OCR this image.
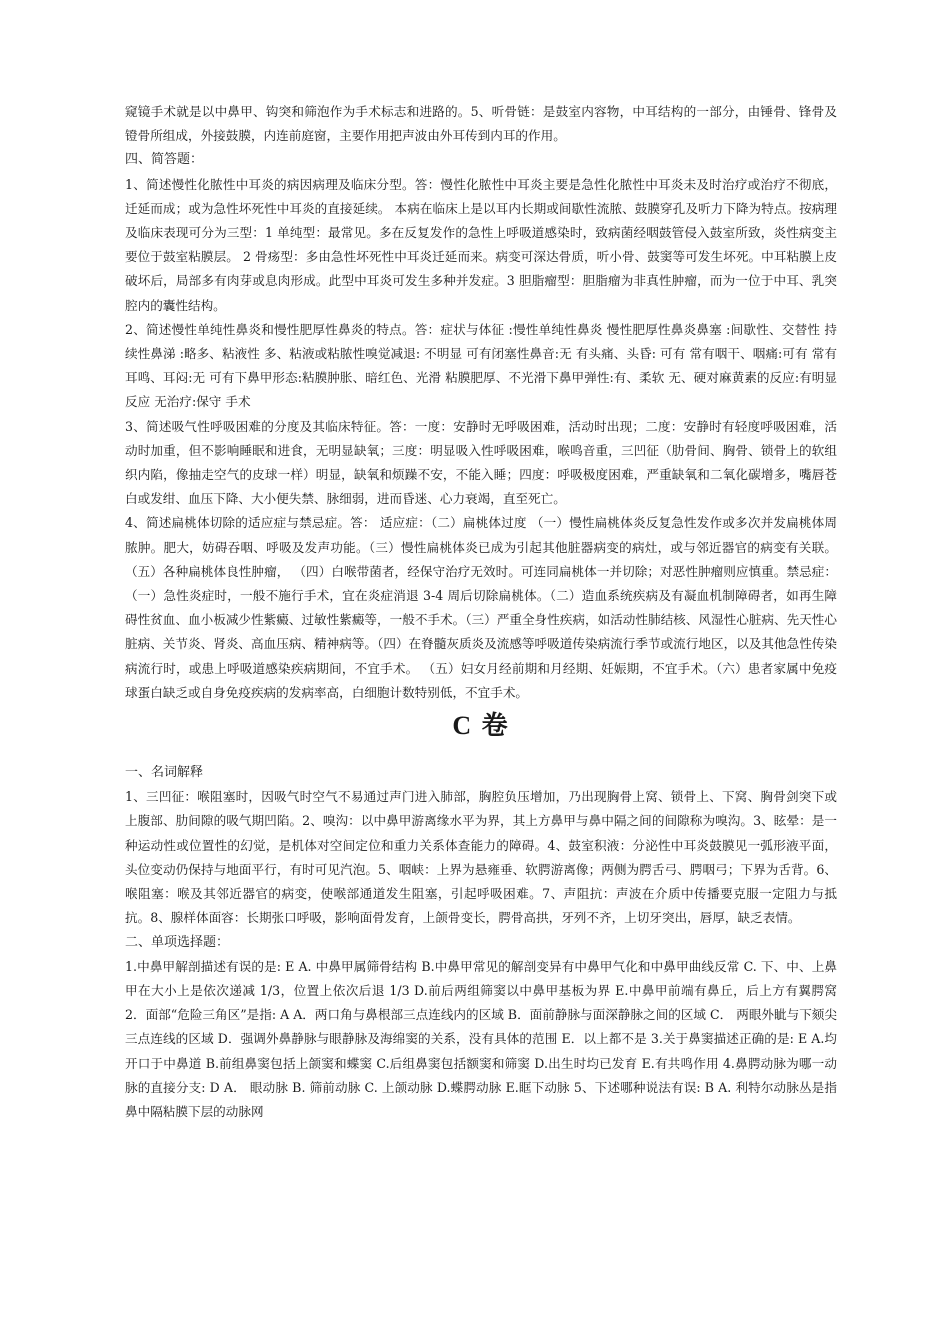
窥镜手术就是以中鼻甲、钩突和筛泡作为手术标志和进路的。5、听骨链：是鼓室内容物，中耳结构的一部分，由锤骨、锋骨及镫骨所组成，外接鼓膜，内连前庭窗，主要作用把声波由外耳传到内耳的作用。

四、简答题：

1、简述慢性化脓性中耳炎的病因病理及临床分型。答：慢性化脓性中耳炎主要是急性化脓性中耳炎未及时治疗或治疗不彻底，迁延而成；或为急性坏死性中耳炎的直接延续。 本病在临床上是以耳内长期或间歇性流脓、鼓膜穿孔及听力下降为特点。按病理及临床表现可分为三型：1 单纯型：最常见。多在反复发作的急性上呼吸道感染时，致病菌经咽鼓管侵入鼓室所致，炎性病变主要位于鼓室粘膜层。 2 骨疡型：多由急性坏死性中耳炎迁延而来。病变可深达骨质，听小骨、鼓窦等可发生坏死。中耳粘膜上皮破坏后，局部多有肉芽或息肉形成。此型中耳炎可发生多种并发症。3 胆脂瘤型：胆脂瘤为非真性肿瘤，而为一位于中耳、乳突腔内的囊性结构。

2、简述慢性单纯性鼻炎和慢性肥厚性鼻炎的特点。答：症状与体征 :慢性单纯性鼻炎 慢性肥厚性鼻炎鼻塞 :间歇性、交替性 持续性鼻涕 :略多、粘液性 多、粘液或粘脓性嗅觉减退: 不明显 可有闭塞性鼻音:无 有头痛、头昏: 可有 常有咽干、咽痛:可有 常有耳鸣、耳闷:无 可有下鼻甲形态:粘膜肿胀、暗红色、光滑 粘膜肥厚、不光滑下鼻甲弹性:有、柔软 无、硬对麻黄素的反应:有明显反应 无治疗:保守 手术

3、简述吸气性呼吸困难的分度及其临床特征。答：一度：安静时无呼吸困难，活动时出现；二度：安静时有轻度呼吸困难，活动时加重，但不影响睡眠和进食，无明显缺氧；三度：明显吸入性呼吸困难，喉鸣音重，三凹征（肋骨间、胸骨、锁骨上的软组织内陷，像抽走空气的皮球一样）明显，缺氧和烦躁不安，不能入睡；四度：呼吸极度困难，严重缺氧和二氧化碳增多，嘴唇苍白或发绀、血压下降、大小便失禁、脉细弱，进而昏迷、心力衰竭，直至死亡。

4、简述扁桃体切除的适应症与禁忌症。答： 适应症：（二）扁桃体过度 （一）慢性扁桃体炎反复急性发作或多次并发扁桃体周脓肿。肥大，妨碍吞咽、呼吸及发声功能。（三）慢性扁桃体炎已成为引起其他脏器病变的病灶，或与邻近器官的病变有关联。 （五）各种扁桃体良性肿瘤， （四）白喉带菌者，经保守治疗无效时。可连同扁桃体一并切除；对恶性肿瘤则应慎重。禁忌症：（一）急性炎症时，一般不施行手术，宜在炎症消退 3-4 周后切除扁桃体。（二）造血系统疾病及有凝血机制障碍者，如再生障碍性贫血、血小板减少性紫癜、过敏性紫癜等，一般不手术。（三）严重全身性疾病，如活动性肺结核、风湿性心脏病、先天性心脏病、关节炎、肾炎、高血压病、精神病等。（四）在脊髓灰质炎及流感等呼吸道传染病流行季节或流行地区，以及其他急性传染病流行时，或患上呼吸道感染疾病期间，不宜手术。 （五）妇女月经前期和月经期、妊娠期，不宜手术。（六）患者家属中免疫球蛋白缺乏或自身免疫疾病的发病率高，白细胞计数特别低，不宜手术。

C 卷

一、名词解释

1、三凹征：喉阻塞时，因吸气时空气不易通过声门进入肺部，胸腔负压增加，乃出现胸骨上窝、锁骨上、下窝、胸骨剑突下或上腹部、肋间隙的吸气期凹陷。2、嗅沟：以中鼻甲游离缘水平为界，其上方鼻甲与鼻中隔之间的间隙称为嗅沟。3、眩晕：是一种运动性或位置性的幻觉，是机体对空间定位和重力关系体查能力的障碍。4、鼓室积液：分泌性中耳炎鼓膜见一弧形液平面，头位变动仍保持与地面平行，有时可见汽泡。5、咽峡：上界为悬雍垂、软腭游离像；两侧为腭舌弓、腭咽弓；下界为舌背。6、喉阻塞：喉及其邻近器官的病变，使喉部通道发生阻塞，引起呼吸困难。7、声阻抗：声波在介质中传播要克服一定阻力与抵抗。8、腺样体面容：长期张口呼吸，影响面骨发育，上颌骨变长，腭骨高拱，牙列不齐，上切牙突出，唇厚，缺乏表情。

二、单项选择题：

1.中鼻甲解剖描述有误的是: E A. 中鼻甲属筛骨结构 B.中鼻甲常见的解剖变异有中鼻甲气化和中鼻甲曲线反常 C. 下、中、上鼻甲在大小上是依次递减 1/3，位置上依次后退 1/3 D.前后两组筛窦以中鼻甲基板为界 E.中鼻甲前端有鼻丘，后上方有翼腭窝 2．面部“危险三角区”是指: A A．两口角与鼻根部三点连线内的区域 B．面前静脉与面深静脉之间的区域 C． 两眼外眦与下颏尖三点连线的区域 D．强调外鼻静脉与眼静脉及海绵窦的关系，没有具体的范围 E．以上都不是 3.关于鼻窦描述正确的是: E A.均开口于中鼻道 B.前组鼻窦包括上颌窦和蝶窦 C.后组鼻窦包括额窦和筛窦 D.出生时均已发育 E.有共鸣作用 4.鼻腭动脉为哪一动脉的直接分支: D A． 眼动脉 B. 筛前动脉 C. 上颌动脉 D.蝶腭动脉 E.眶下动脉 5、下述哪种说法有误: B A. 利特尔动脉丛是指鼻中隔粘膜下层的动脉网
